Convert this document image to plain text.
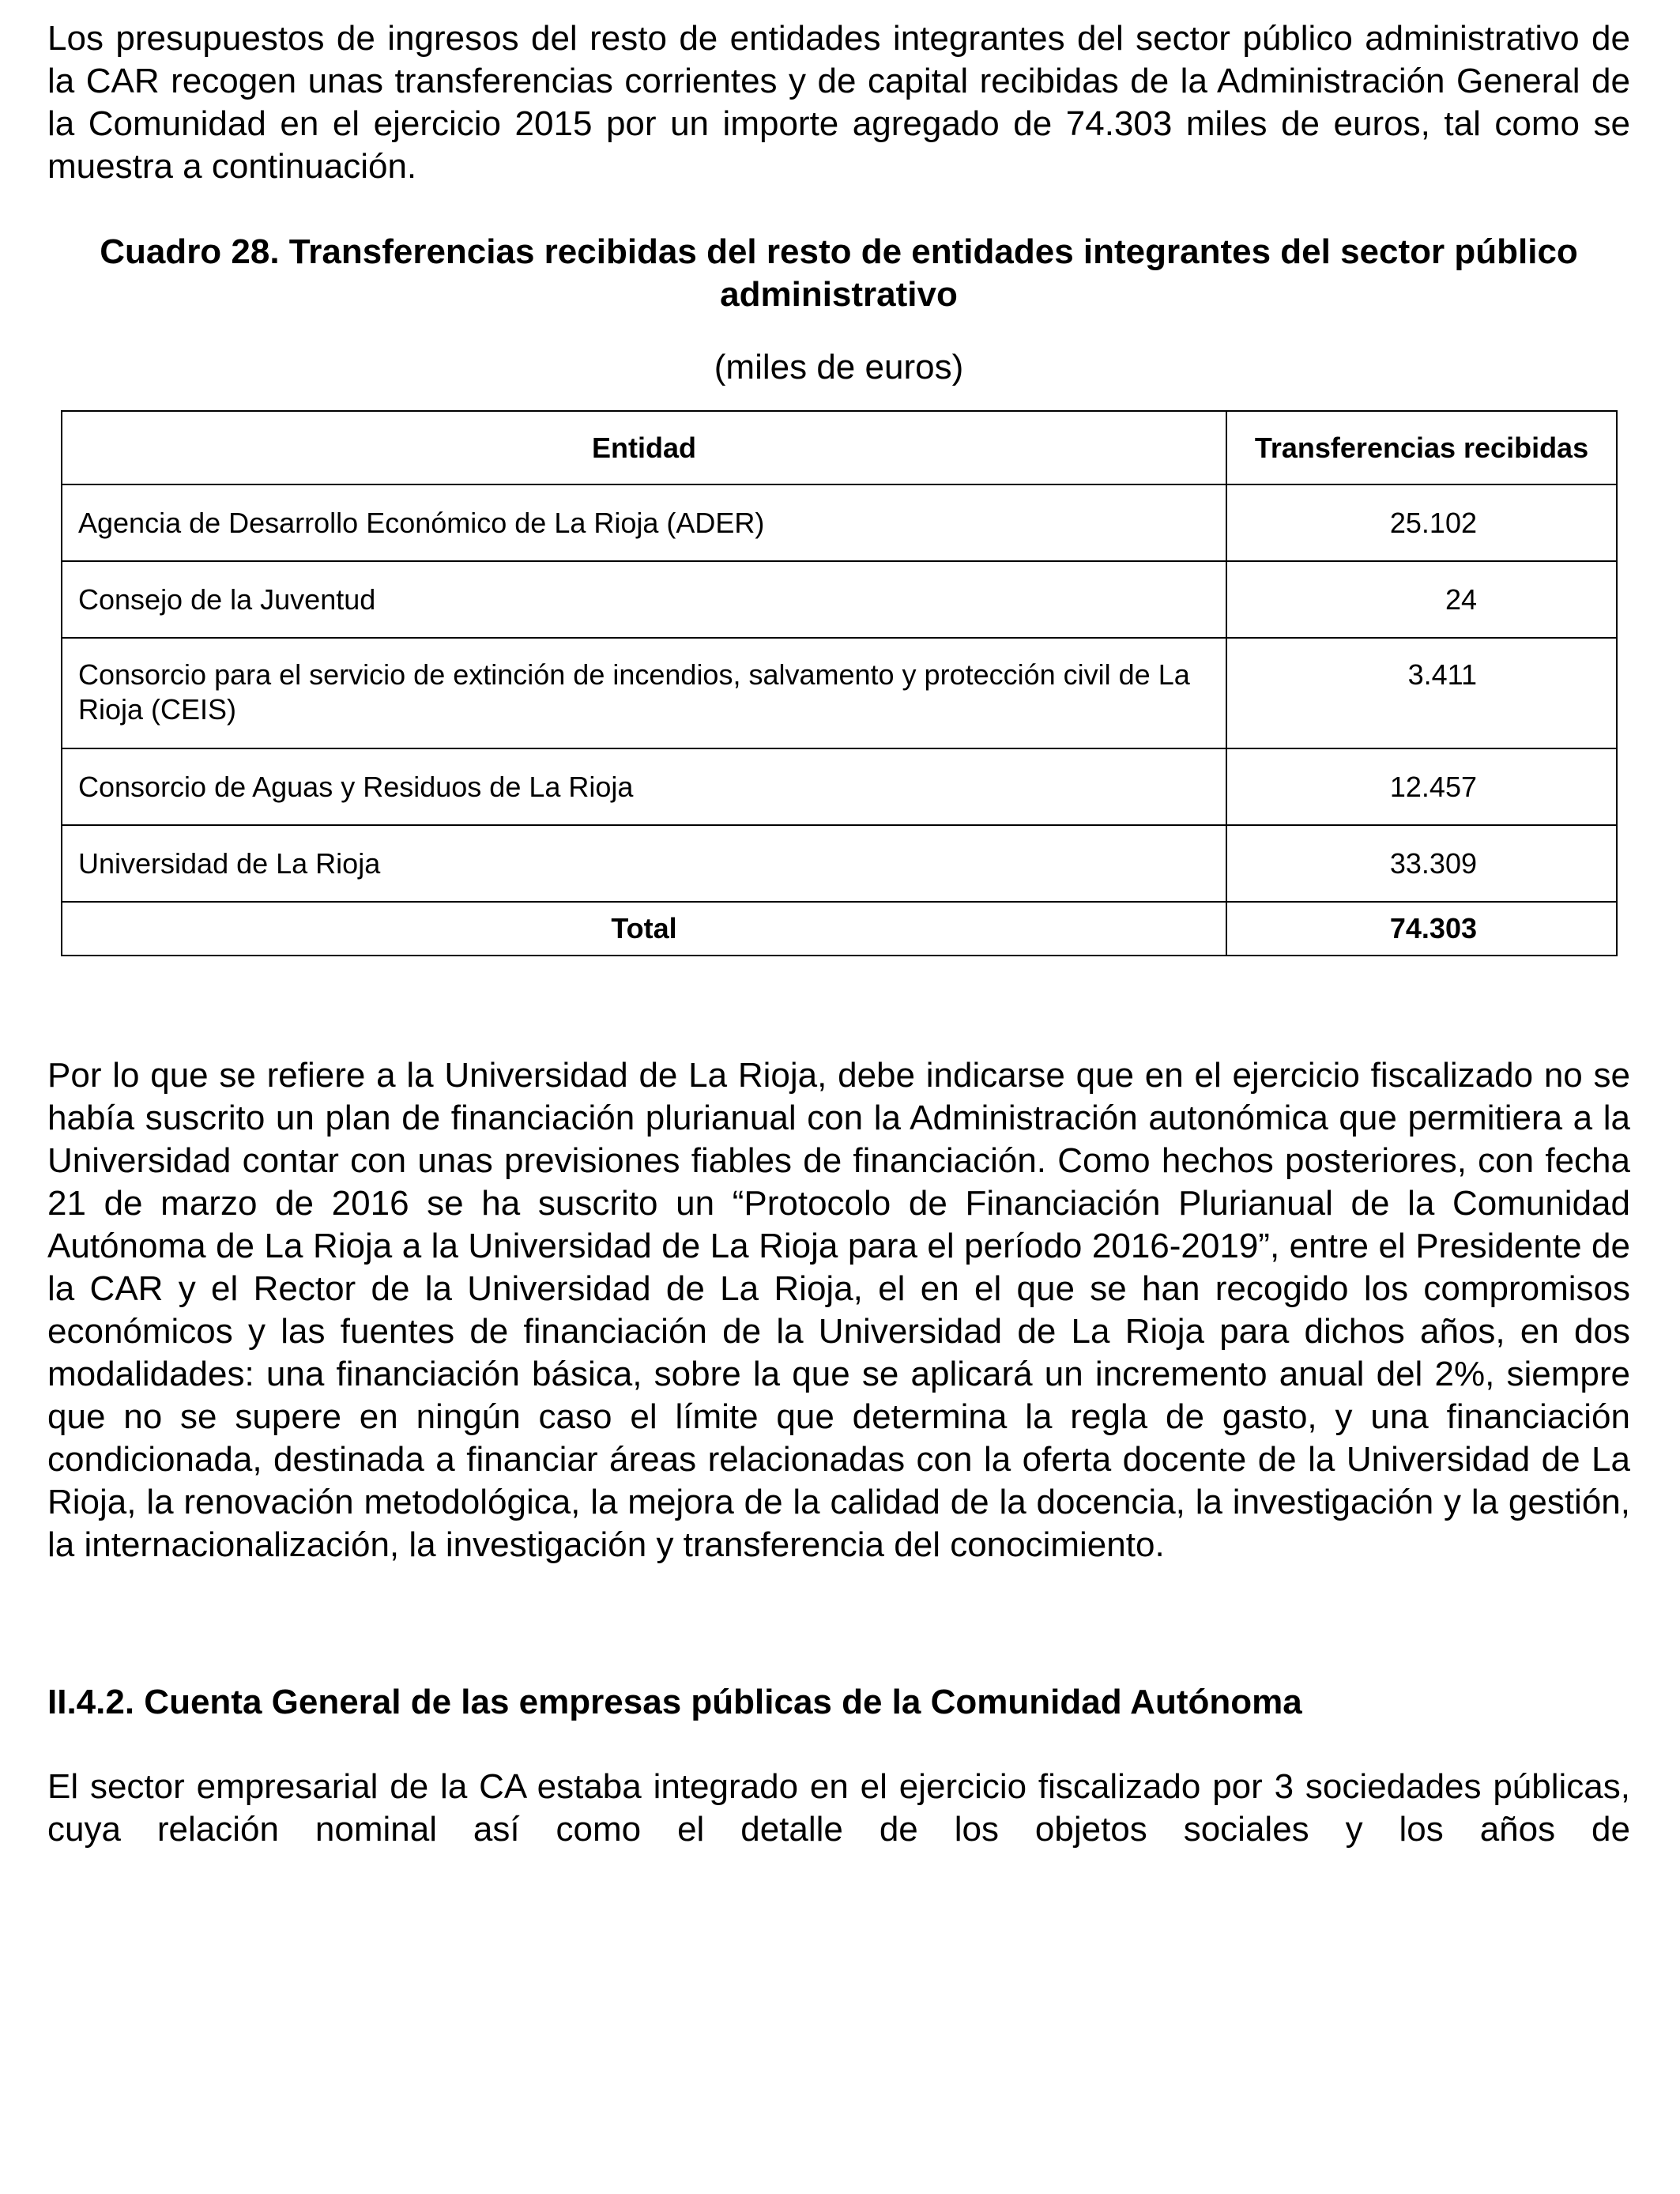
Los presupuestos de ingresos del resto de entidades integrantes del sector público administrativo de la CAR recogen unas transferencias corrientes y de capital recibidas de la Administración General de la Comunidad en el ejercicio 2015 por un importe agregado de 74.303 miles de euros, tal como se muestra a continuación.

Cuadro 28. Transferencias recibidas del resto de entidades integrantes del sector público
administrativo
(miles de euros)
Entidad	Transferencias recibidas
Agencia de Desarrollo Económico de La Rioja (ADER)	25.102
Consejo de la Juventud	24
Consorcio para el servicio de extinción de incendios, salvamento y protección civil de La Rioja (CEIS)	3.411
Consorcio de Aguas y Residuos de La Rioja	12.457
Universidad de La Rioja	33.309
Total	74.303

Por lo que se refiere a la Universidad de La Rioja, debe indicarse que en el ejercicio fiscalizado no se había suscrito un plan de financiación plurianual con la Administración autonómica que permitiera a la Universidad contar con unas previsiones fiables de financiación. Como hechos posteriores, con fecha 21 de marzo de 2016 se ha suscrito un “Protocolo de Financiación Plurianual de la Comunidad Autónoma de La Rioja a la Universidad de La Rioja para el período 2016-2019”, entre el Presidente de la CAR y el Rector de la Universidad de La Rioja, el en el que se han recogido los compromisos económicos y las fuentes de financiación de la Universidad de La Rioja para dichos años, en dos modalidades: una financiación básica, sobre la que se aplicará un incremento anual del 2%, siempre que no se supere en ningún caso el límite que determina la regla de gasto, y una financiación condicionada, destinada a financiar áreas relacionadas con la oferta docente de la Universidad de La Rioja, la renovación metodológica, la mejora de la calidad de la docencia, la investigación y la gestión, la internacionalización, la investigación y transferencia del conocimiento.

II.4.2. Cuenta General de las empresas públicas de la Comunidad Autónoma

El sector empresarial de la CA estaba integrado en el ejercicio fiscalizado por 3 sociedades públicas, cuya relación nominal así como el detalle de los objetos sociales y los años de
